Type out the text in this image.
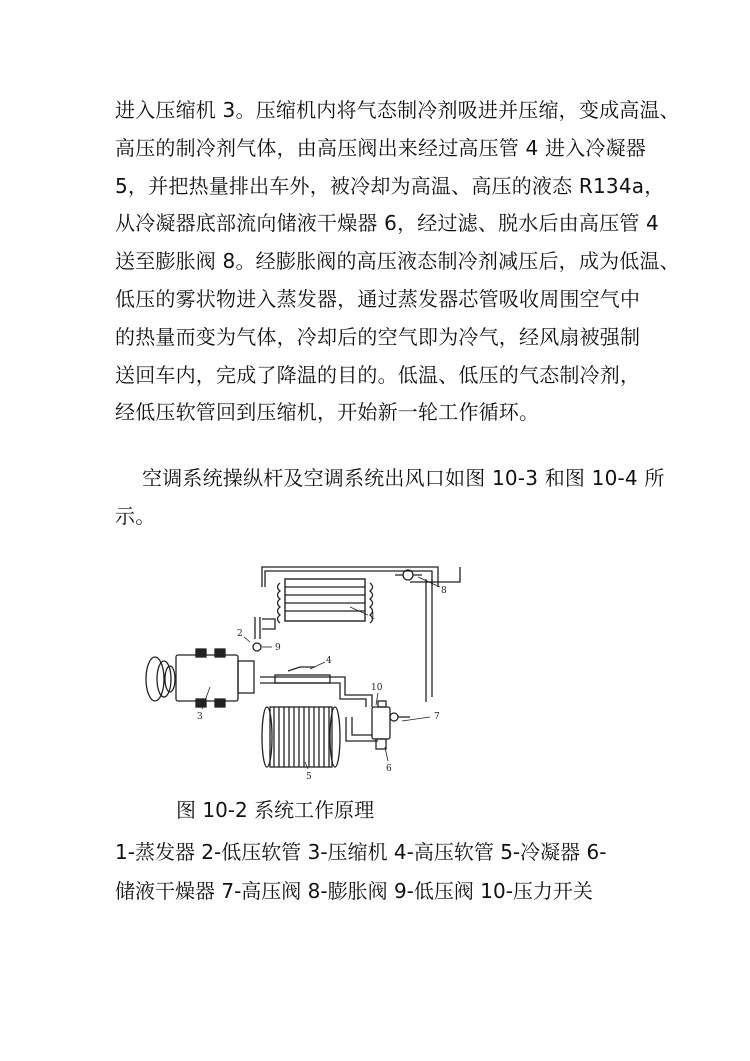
进入压缩机 3。压缩机内将气态制冷剂吸进并压缩，变成高温、
高压的制冷剂气体，由高压阀出来经过高压管 4 进入冷凝器
5，并把热量排出车外，被冷却为高温、高压的液态 R134a，
从冷凝器底部流向储液干燥器 6，经过滤、脱水后由高压管 4
送至膨胀阀 8。经膨胀阀的高压液态制冷剂减压后，成为低温、
低压的雾状物进入蒸发器，通过蒸发器芯管吸收周围空气中
的热量而变为气体，冷却后的空气即为冷气，经风扇被强制
送回车内，完成了降温的目的。低温、低压的气态制冷剂，
经低压软管回到压缩机，开始新一轮工作循环。
空调系统操纵杆及空调系统出风口如图 10-3 和图 10-4 所
示。
1
2
3
4
5
6
7
8
9
10
图 10-2 系统工作原理
1-蒸发器 2-低压软管 3-压缩机 4-高压软管 5-冷凝器 6-
储液干燥器 7-高压阀 8-膨胀阀 9-低压阀 10-压力开关
